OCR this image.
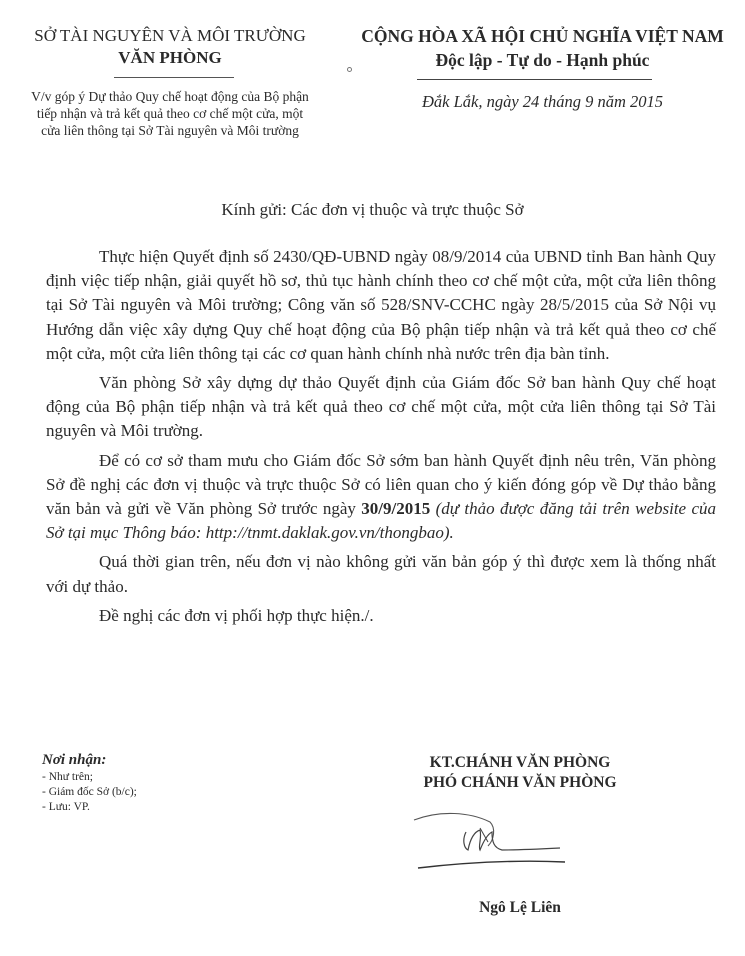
SỞ TÀI NGUYÊN VÀ MÔI TRƯỜNG
VĂN PHÒNG
V/v góp ý Dự thảo Quy chế hoạt động của Bộ phận
tiếp nhận và trả kết quả theo cơ chế một cửa, một
cửa liên thông tại Sở Tài nguyên và Môi trường
CỘNG HÒA XÃ HỘI CHỦ NGHĨA VIỆT NAM
Độc lập - Tự do - Hạnh phúc
Đắk Lắk, ngày 24 tháng 9 năm 2015
Kính gửi: Các đơn vị thuộc và trực thuộc Sở

Thực hiện Quyết định số 2430/QĐ-UBND ngày 08/9/2014 của UBND tỉnh Ban hành Quy định việc tiếp nhận, giải quyết hồ sơ, thủ tục hành chính theo cơ chế một cửa, một cửa liên thông tại Sở Tài nguyên và Môi trường; Công văn số 528/SNV-CCHC ngày 28/5/2015 của Sở Nội vụ Hướng dẫn việc xây dựng Quy chế hoạt động của Bộ phận tiếp nhận và trả kết quả theo cơ chế một cửa, một cửa liên thông tại các cơ quan hành chính nhà nước trên địa bàn tỉnh.

Văn phòng Sở xây dựng dự thảo Quyết định của Giám đốc Sở ban hành Quy chế hoạt động của Bộ phận tiếp nhận và trả kết quả theo cơ chế một cửa, một cửa liên thông tại Sở Tài nguyên và Môi trường.

Để có cơ sở tham mưu cho Giám đốc Sở sớm ban hành Quyết định nêu trên, Văn phòng Sở đề nghị các đơn vị thuộc và trực thuộc Sở có liên quan cho ý kiến đóng góp về Dự thảo bằng văn bản và gửi về Văn phòng Sở trước ngày 30/9/2015 (dự thảo được đăng tải trên website của Sở tại mục Thông báo: http://tnmt.daklak.gov.vn/thongbao).

Quá thời gian trên, nếu đơn vị nào không gửi văn bản góp ý thì được xem là thống nhất với dự thảo.

Đề nghị các đơn vị phối hợp thực hiện./.

Nơi nhận:
- Như trên;
- Giám đốc Sở (b/c);
- Lưu: VP.
KT.CHÁNH VĂN PHÒNG
PHÓ CHÁNH VĂN PHÒNG
Ngô Lệ Liên
